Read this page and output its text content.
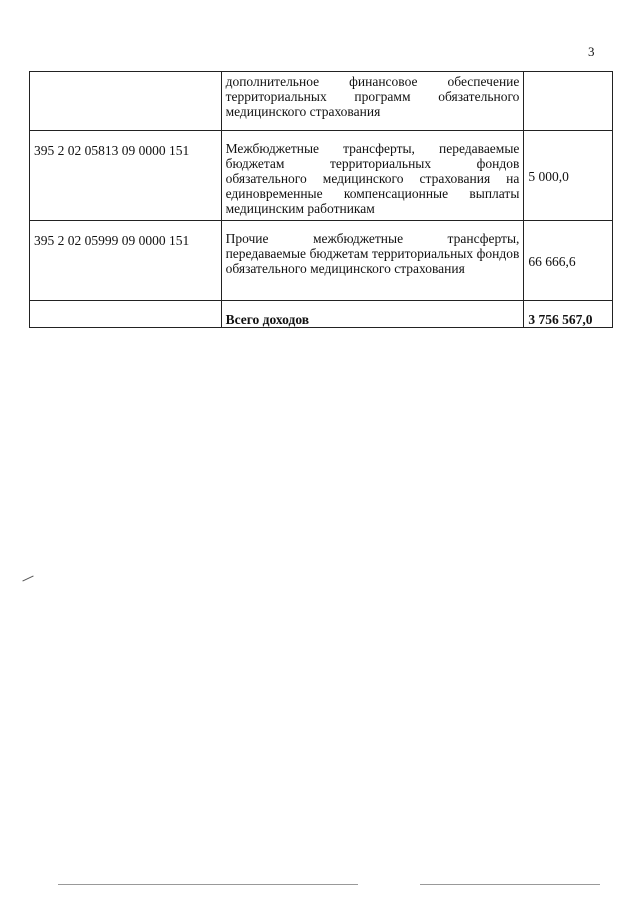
3
	дополнительное финансовое обеспечение территориальных программ обязательного медицинского страхования	
395 2 02 05813 09 0000 151	Межбюджетные трансферты, передаваемые бюджетам территориальных фондов обязательного медицинского страхования на единовременные компенсационные выплаты медицинским работникам	5 000,0
395 2 02 05999 09 0000 151	Прочие межбюджетные трансферты, передаваемые бюджетам территориальных фондов обязательного медицинского страхования	66 666,6
	Всего доходов	3 756 567,0
